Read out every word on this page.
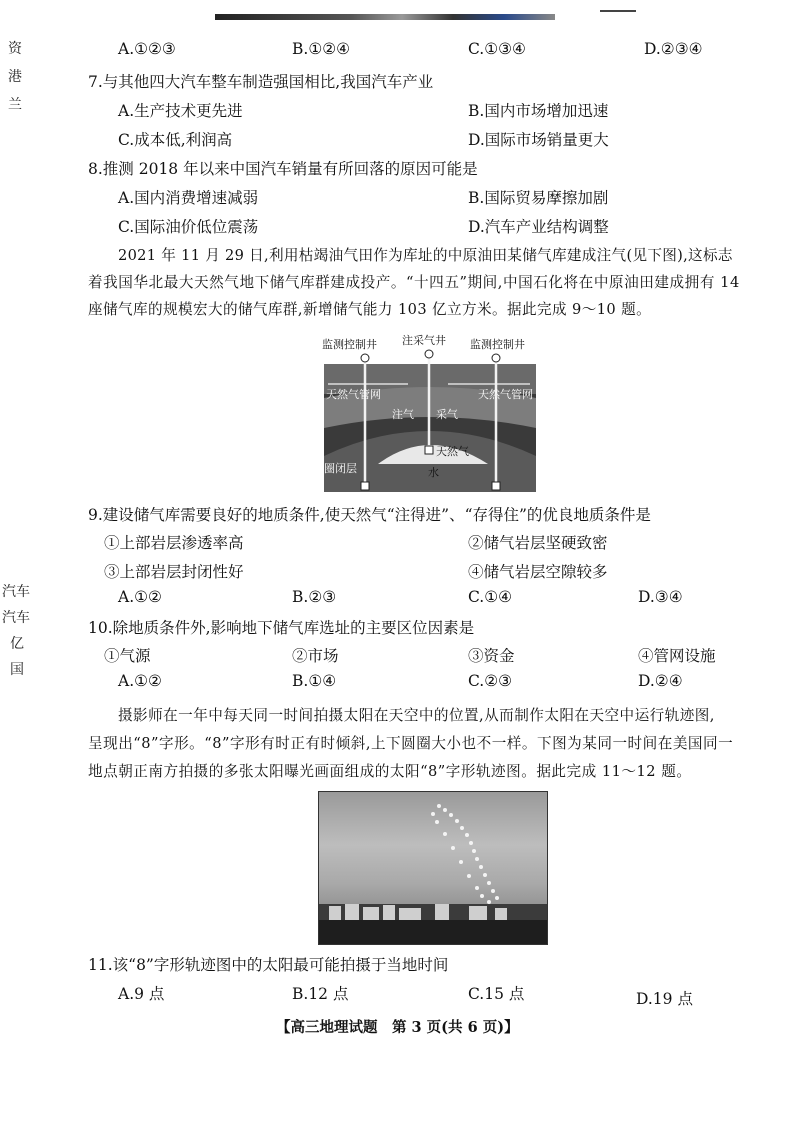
资
港
兰
汽车
汽车
亿
国
A.①②③	B.①②④	C.①③④	D.②③④
7.与其他四大汽车整车制造强国相比,我国汽车产业
A.生产技术更先进	B.国内市场增加迅速
C.成本低,利润高	D.国际市场销量更大
8.推测 2018 年以来中国汽车销量有所回落的原因可能是
A.国内消费增速减弱	B.国际贸易摩擦加剧
C.国际油价低位震荡	D.汽车产业结构调整
2021 年 11 月 29 日,利用枯竭油气田作为库址的中原油田某储气库建成注气(见下图),这标志
着我国华北最大天然气地下储气库群建成投产。“十四五”期间,中国石化将在中原油田建成拥有 14
座储气库的规模宏大的储气库群,新增储气能力 103 亿立方米。据此完成 9～10 题。
监测控制井 注采气井 监测控制井
天然气管网	天然气管网
注气 采气
天然气
圈闭层	水
9.建设储气库需要良好的地质条件,使天然气“注得进”、“存得住”的优良地质条件是
①上部岩层渗透率高	②储气岩层坚硬致密
③上部岩层封闭性好	④储气岩层空隙较多
A.①②	B.②③	C.①④	D.③④
10.除地质条件外,影响地下储气库选址的主要区位因素是
①气源	②市场	③资金	④管网设施
A.①②	B.①④	C.②③	D.②④
摄影师在一年中每天同一时间拍摄太阳在天空中的位置,从而制作太阳在天空中运行轨迹图,
呈现出“8”字形。“8”字形有时正有时倾斜,上下圆圈大小也不一样。下图为某同一时间在美国同一
地点朝正南方拍摄的多张太阳曝光画面组成的太阳“8”字形轨迹图。据此完成 11～12 题。
11.该“8”字形轨迹图中的太阳最可能拍摄于当地时间
A.9 点	B.12 点	C.15 点	D.19 点
【高三地理试题　第 3 页(共 6 页)】
